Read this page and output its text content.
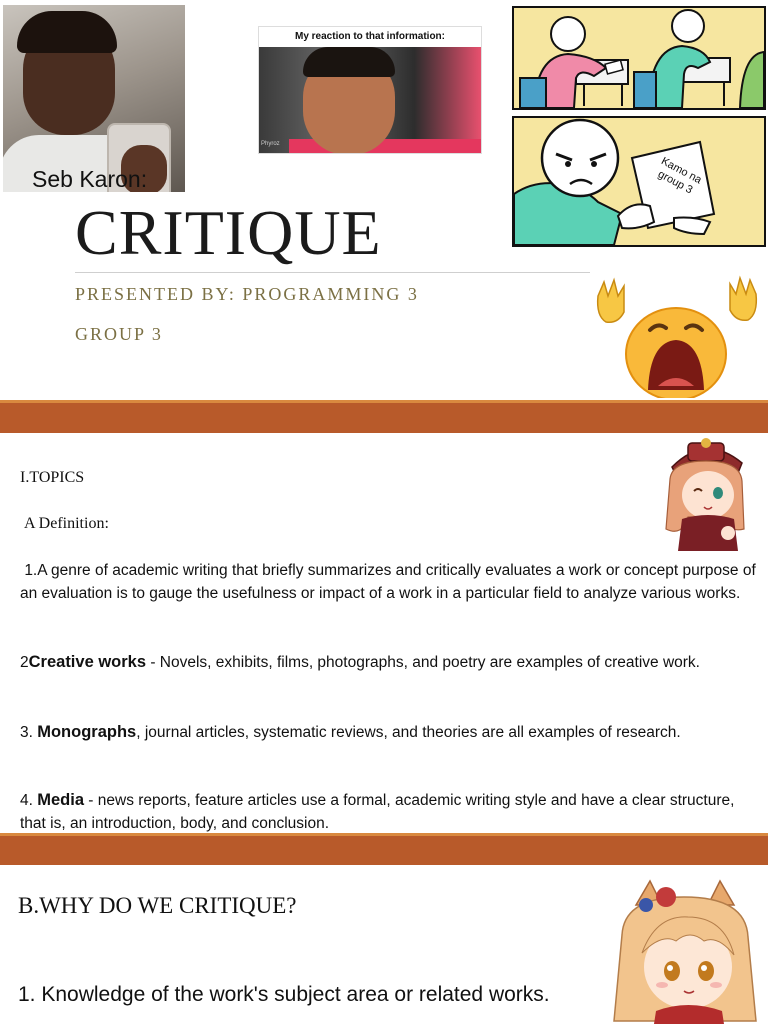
Seb Karon:
My reaction to that information:
Phyroz
Kamo na group 3
CRITIQUE
PRESENTED BY: PROGRAMMING 3
GROUP 3
I.TOPICS
A Definition:
1.A genre of academic writing that briefly summarizes and critically evaluates a work or concept purpose of an evaluation is to gauge the usefulness or impact of a work in a particular field to analyze various works.
2Creative works - Novels, exhibits, films, photographs, and poetry are examples of creative work.
3. Monographs, journal articles, systematic reviews, and theories are all examples of research.
4. Media - news reports, feature articles use a formal, academic writing style and have a clear structure, that is, an introduction, body, and conclusion.
B.WHY DO WE CRITIQUE?
1. Knowledge of the work's subject area or related works.
